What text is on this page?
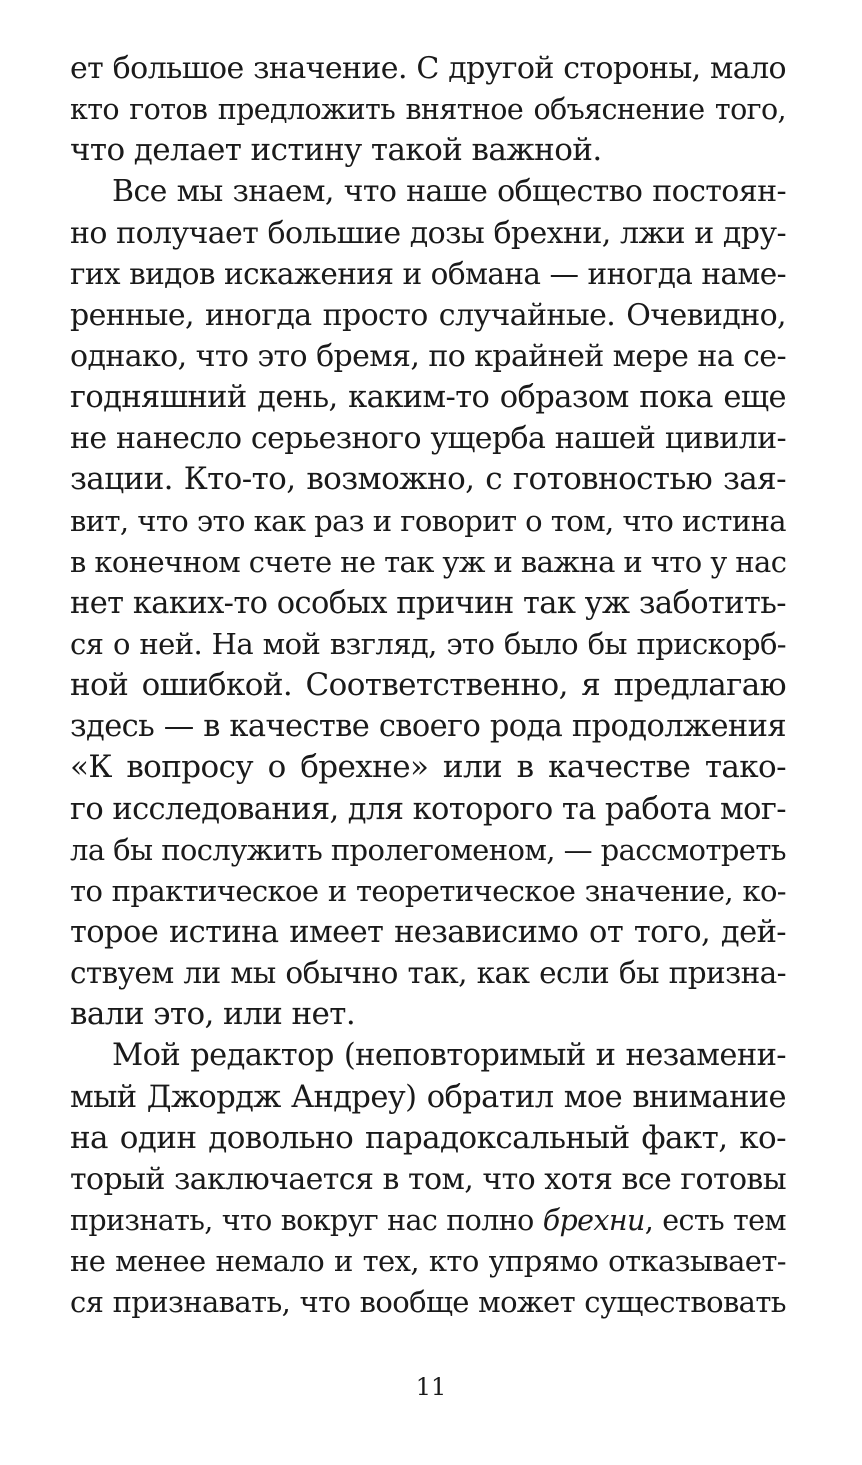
ет большое значение. С другой стороны, мало
кто готов предложить внятное объяснение того,
что делает истину такой важной.
Все мы знаем, что наше общество постоян-
но получает большие дозы брехни, лжи и дру-
гих видов искажения и обмана — иногда наме-
ренные, иногда просто случайные. Очевидно,
однако, что это бремя, по крайней мере на се-
годняшний день, каким-то образом пока еще
не нанесло серьезного ущерба нашей цивили-
зации. Кто-то, возможно, с готовностью зая-
вит, что это как раз и говорит о том, что истина
в конечном счете не так уж и важна и что у нас
нет каких-то особых причин так уж заботить-
ся о ней. На мой взгляд, это было бы прискорб-
ной ошибкой. Соответственно, я предлагаю
здесь — в качестве своего рода продолжения
«К вопросу о брехне» или в качестве тако-
го исследования, для которого та работа мог-
ла бы послужить пролегоменом, — рассмотреть
то практическое и теоретическое значение, ко-
торое истина имеет независимо от того, дей-
ствуем ли мы обычно так, как если бы призна-
вали это, или нет.
Мой редактор (неповторимый и незамени-
мый Джордж Андреу) обратил мое внимание
на один довольно парадоксальный факт, ко-
торый заключается в том, что хотя все готовы
признать, что вокруг нас полно брехни, есть тем
не менее немало и тех, кто упрямо отказывает-
ся признавать, что вообще может существовать
11
